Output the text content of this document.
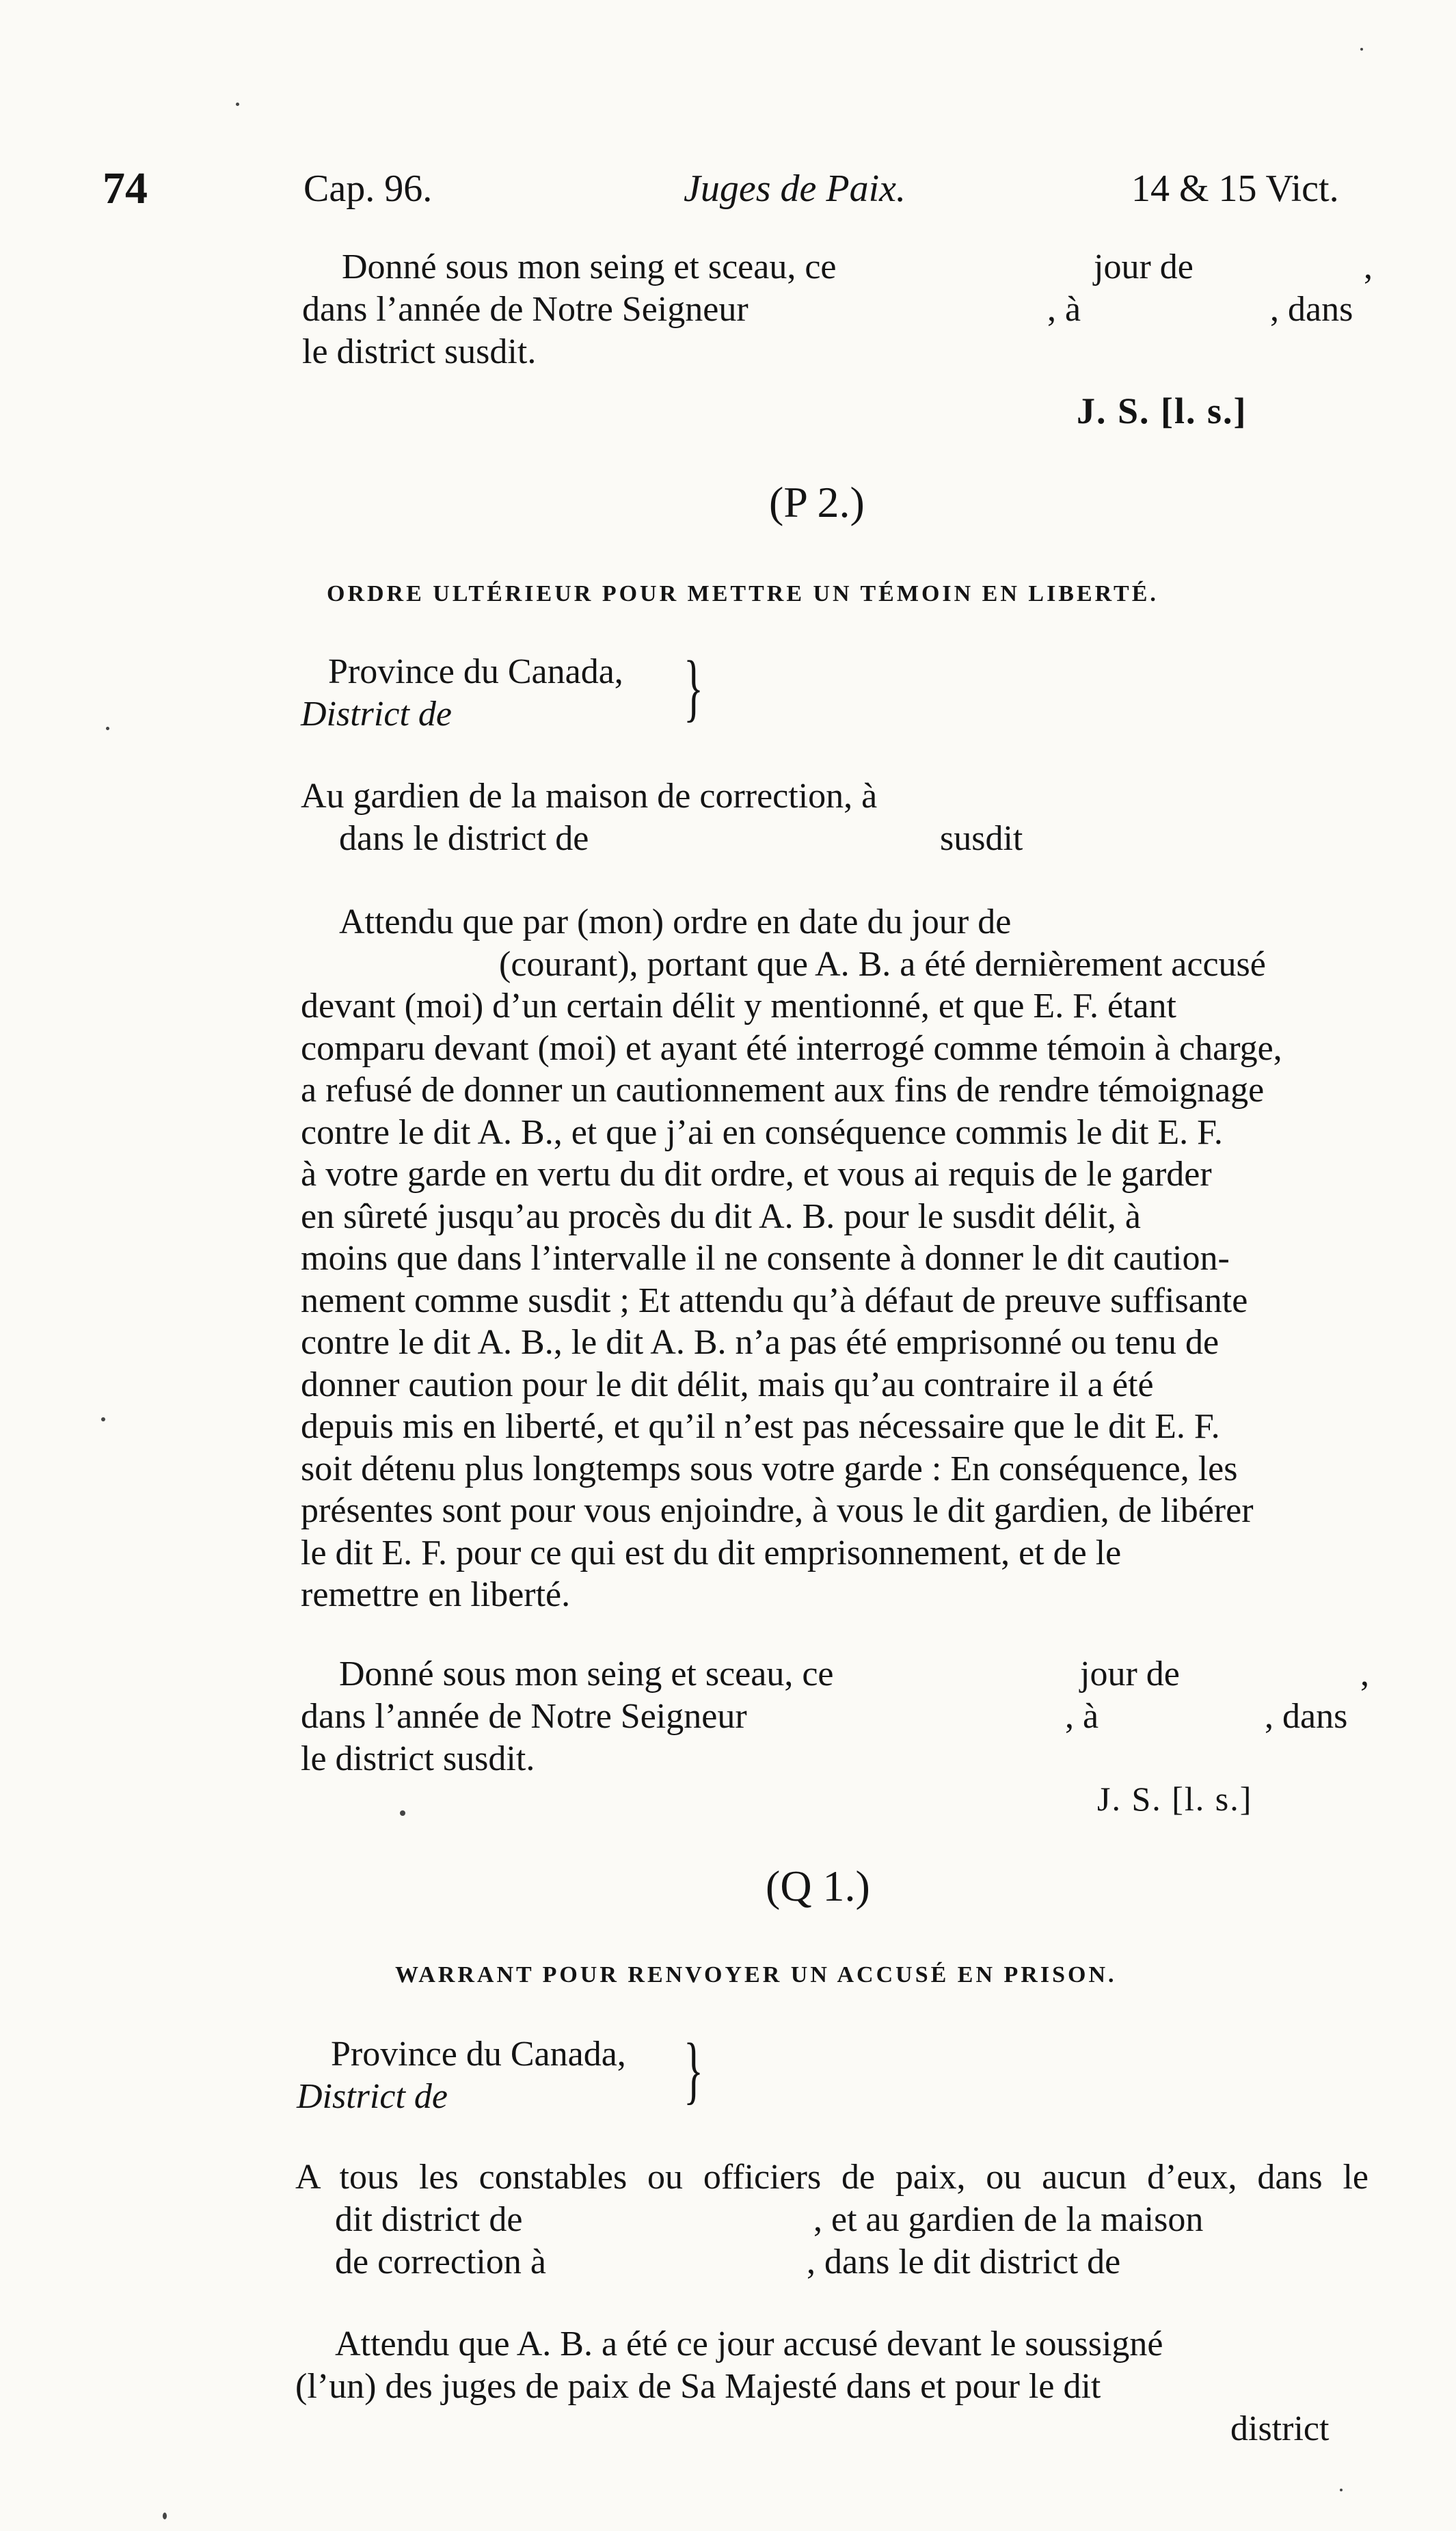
74	Cap. 96.	Juges de Paix.	14 & 15 Vict.
Donné sous mon seing et sceau, ce	jour de	,
dans l’année de Notre Seigneur	, à	, dans
le district susdit.
J. S. [l. s.]
(P 2.)
ORDRE ULTÉRIEUR POUR METTRE UN TÉMOIN EN LIBERTÉ.
Province du Canada,
District de	}
Au gardien de la maison de correction, à
dans le district de	susdit
Attendu que par (mon) ordre en date du jour de
(courant), portant que A. B. a été dernièrement accusé
devant (moi) d’un certain délit y mentionné, et que E. F. étant
comparu devant (moi) et ayant été interrogé comme témoin à charge,
a refusé de donner un cautionnement aux fins de rendre témoignage
contre le dit A. B., et que j’ai en conséquence commis le dit E. F.
à votre garde en vertu du dit ordre, et vous ai requis de le garder
en sûreté jusqu’au procès du dit A. B. pour le susdit délit, à
moins que dans l’intervalle il ne consente à donner le dit caution-
nement comme susdit ; Et attendu qu’à défaut de preuve suffisante
contre le dit A. B., le dit A. B. n’a pas été emprisonné ou tenu de
donner caution pour le dit délit, mais qu’au contraire il a été
depuis mis en liberté, et qu’il n’est pas nécessaire que le dit E. F.
soit détenu plus longtemps sous votre garde : En conséquence, les
présentes sont pour vous enjoindre, à vous le dit gardien, de libérer
le dit E. F. pour ce qui est du dit emprisonnement, et de le
remettre en liberté.
Donné sous mon seing et sceau, ce	jour de	,
dans l’année de Notre Seigneur	, à	, dans
le district susdit.
J. S. [l. s.]
(Q 1.)
WARRANT POUR RENVOYER UN ACCUSÉ EN PRISON.
Province du Canada,
District de	}
A tous les constables ou officiers de paix, ou aucun d’eux, dans le
dit district de	, et au gardien de la maison
de correction à	, dans le dit district de
Attendu que A. B. a été ce jour accusé devant le soussigné
(l’un) des juges de paix de Sa Majesté dans et pour le dit
district
